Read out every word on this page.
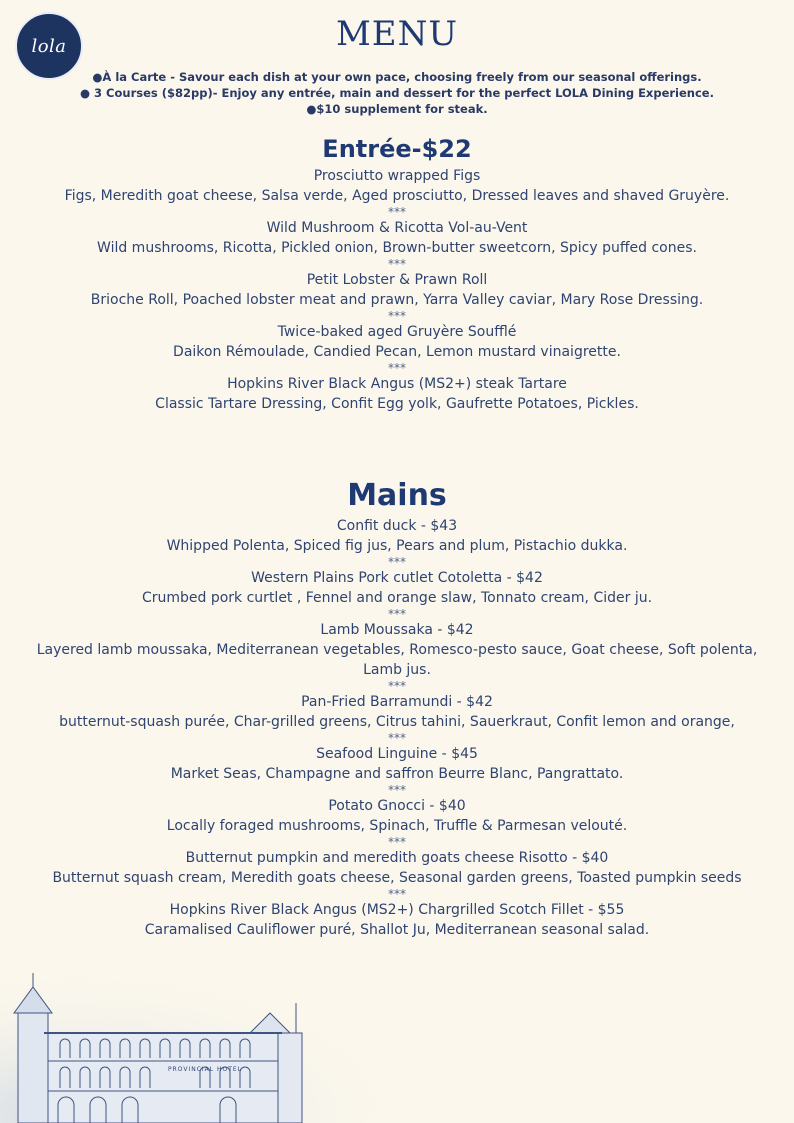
lola	MENU
●À la Carte - Savour each dish at your own pace, choosing freely from our seasonal offerings.
● 3 Courses ($82pp)- Enjoy any entrée, main and dessert for the perfect LOLA Dining Experience.
●$10 supplement for steak.
Entrée-$22
Prosciutto wrapped Figs
Figs, Meredith goat cheese, Salsa verde, Aged prosciutto, Dressed leaves and shaved Gruyère.
***
Wild Mushroom & Ricotta Vol-au-Vent
Wild mushrooms, Ricotta, Pickled onion, Brown-butter sweetcorn, Spicy puffed cones.
***
Petit Lobster & Prawn Roll
Brioche Roll, Poached lobster meat and prawn, Yarra Valley caviar, Mary Rose Dressing.
***
Twice-baked aged Gruyère Soufflé
Daikon Rémoulade, Candied Pecan, Lemon mustard vinaigrette.
***
Hopkins River Black Angus (MS2+) steak Tartare
Classic Tartare Dressing, Confit Egg yolk, Gaufrette Potatoes, Pickles.
Mains
Confit duck - $43
Whipped Polenta, Spiced fig jus, Pears and plum, Pistachio dukka.
***
Western Plains Pork cutlet Cotoletta - $42
Crumbed pork curtlet , Fennel and orange slaw, Tonnato cream, Cider ju.
***
Lamb Moussaka - $42
Layered lamb moussaka, Mediterranean vegetables, Romesco-pesto sauce, Goat cheese, Soft polenta, Lamb jus.
***
Pan-Fried Barramundi - $42
butternut-squash purée, Char-grilled greens, Citrus tahini, Sauerkraut, Confit lemon and orange,
***
Seafood Linguine - $45
Market Seas, Champagne and saffron Beurre Blanc, Pangrattato.
***
Potato Gnocci - $40
Locally foraged mushrooms, Spinach, Truffle & Parmesan velouté.
***
Butternut pumpkin and meredith goats cheese Risotto - $40
Butternut squash cream, Meredith goats cheese, Seasonal garden greens, Toasted pumpkin seeds
***
Hopkins River Black Angus (MS2+) Chargrilled Scotch Fillet - $55
Caramalised Cauliflower puré, Shallot Ju, Mediterranean seasonal salad.
PROVINCIAL HOTEL
